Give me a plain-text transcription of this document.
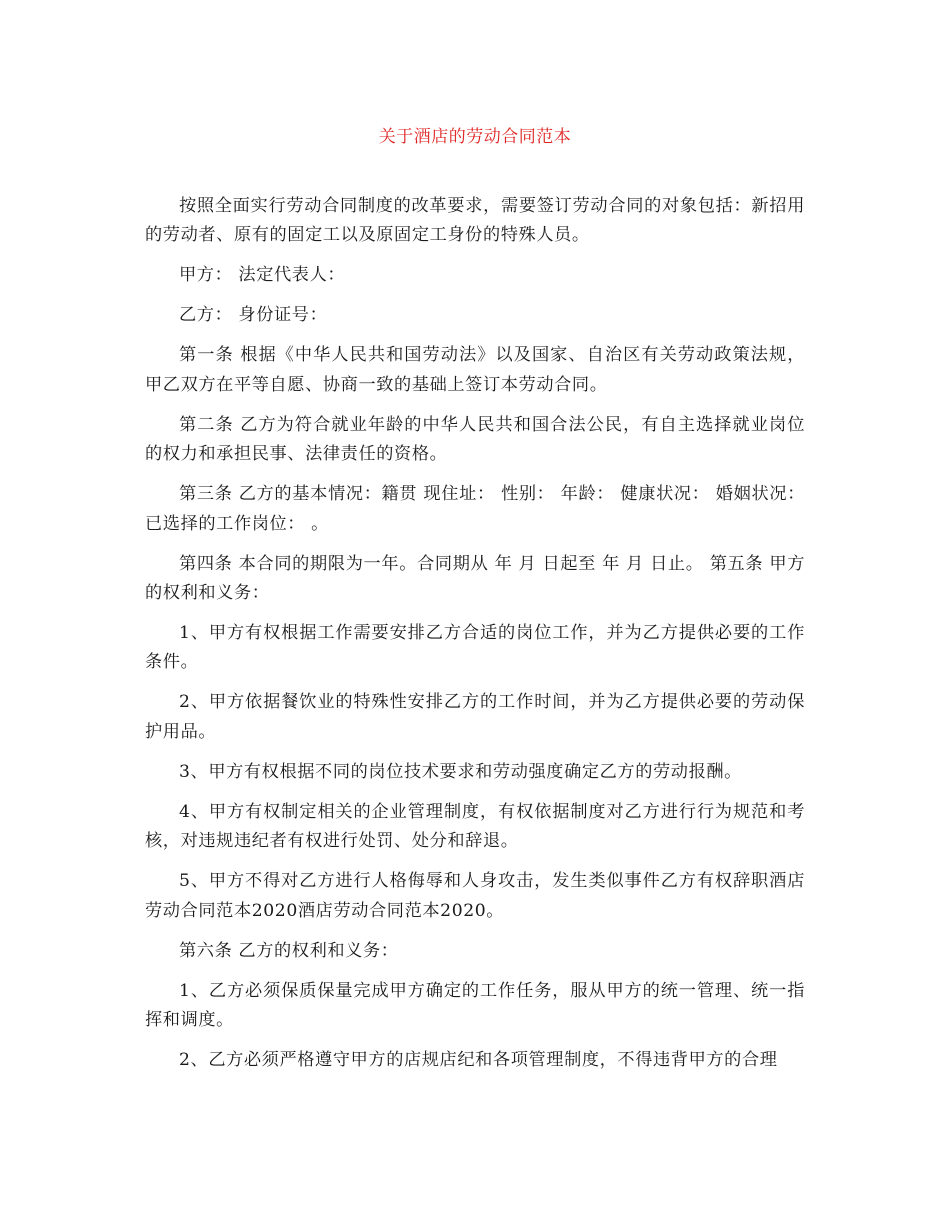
关于酒店的劳动合同范本

按照全面实行劳动合同制度的改革要求，需要签订劳动合同的对象包括：新招用的劳动者、原有的固定工以及原固定工身份的特殊人员。

甲方： 法定代表人：

乙方： 身份证号：

第一条 根据《中华人民共和国劳动法》以及国家、自治区有关劳动政策法规，甲乙双方在平等自愿、协商一致的基础上签订本劳动合同。

第二条 乙方为符合就业年龄的中华人民共和国合法公民，有自主选择就业岗位的权力和承担民事、法律责任的资格。

第三条 乙方的基本情况：籍贯 现住址： 性别： 年龄： 健康状况： 婚姻状况： 已选择的工作岗位： 。

第四条 本合同的期限为一年。合同期从 年 月 日起至 年 月 日止。 第五条 甲方的权利和义务：

1、甲方有权根据工作需要安排乙方合适的岗位工作，并为乙方提供必要的工作条件。

2、甲方依据餐饮业的特殊性安排乙方的工作时间，并为乙方提供必要的劳动保护用品。

3、甲方有权根据不同的岗位技术要求和劳动强度确定乙方的劳动报酬。

4、甲方有权制定相关的企业管理制度，有权依据制度对乙方进行行为规范和考核，对违规违纪者有权进行处罚、处分和辞退。

5、甲方不得对乙方进行人格侮辱和人身攻击，发生类似事件乙方有权辞职酒店劳动合同范本2020酒店劳动合同范本2020。

第六条 乙方的权利和义务：

1、乙方必须保质保量完成甲方确定的工作任务，服从甲方的统一管理、统一指挥和调度。

2、乙方必须严格遵守甲方的店规店纪和各项管理制度，不得违背甲方的合理
